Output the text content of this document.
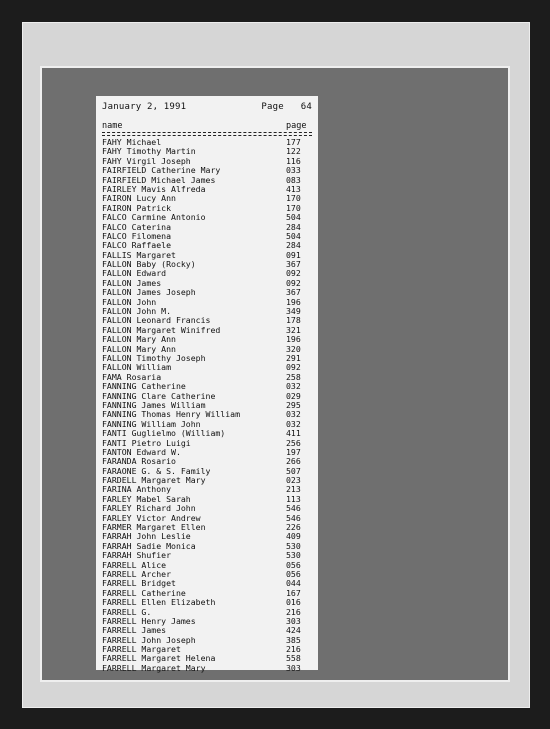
January 2, 1991	Page 64
name	page
FAHY Michael	177
FAHY Timothy Martin	122
FAHY Virgil Joseph	116
FAIRFIELD Catherine Mary	033
FAIRFIELD Michael James	083
FAIRLEY Mavis Alfreda	413
FAIRON Lucy Ann	170
FAIRON Patrick	170
FALCO Carmine Antonio	504
FALCO Caterina	284
FALCO Filomena	504
FALCO Raffaele	284
FALLIS Margaret	091
FALLON Baby (Rocky)	367
FALLON Edward	092
FALLON James	092
FALLON James Joseph	367
FALLON John	196
FALLON John M.	349
FALLON Leonard Francis	178
FALLON Margaret Winifred	321
FALLON Mary Ann	196
FALLON Mary Ann	320
FALLON Timothy Joseph	291
FALLON William	092
FAMA Rosaria	258
FANNING Catherine	032
FANNING Clare Catherine	029
FANNING James William	295
FANNING Thomas Henry William	032
FANNING William John	032
FANTI Guglielmo (William)	411
FANTI Pietro Luigi	256
FANTON Edward W.	197
FARANDA Rosario	266
FARAONE G. & S. Family	507
FARDELL Margaret Mary	023
FARINA Anthony	213
FARLEY Mabel Sarah	113
FARLEY Richard John	546
FARLEY Victor Andrew	546
FARMER Margaret Ellen	226
FARRAH John Leslie	409
FARRAH Sadie Monica	530
FARRAH Shufier	530
FARRELL Alice	056
FARRELL Archer	056
FARRELL Bridget	044
FARRELL Catherine	167
FARRELL Ellen Elizabeth	016
FARRELL G.	216
FARRELL Henry James	303
FARRELL James	424
FARRELL John Joseph	385
FARRELL Margaret	216
FARRELL Margaret Helena	558
FARRELL Margaret Mary	303
